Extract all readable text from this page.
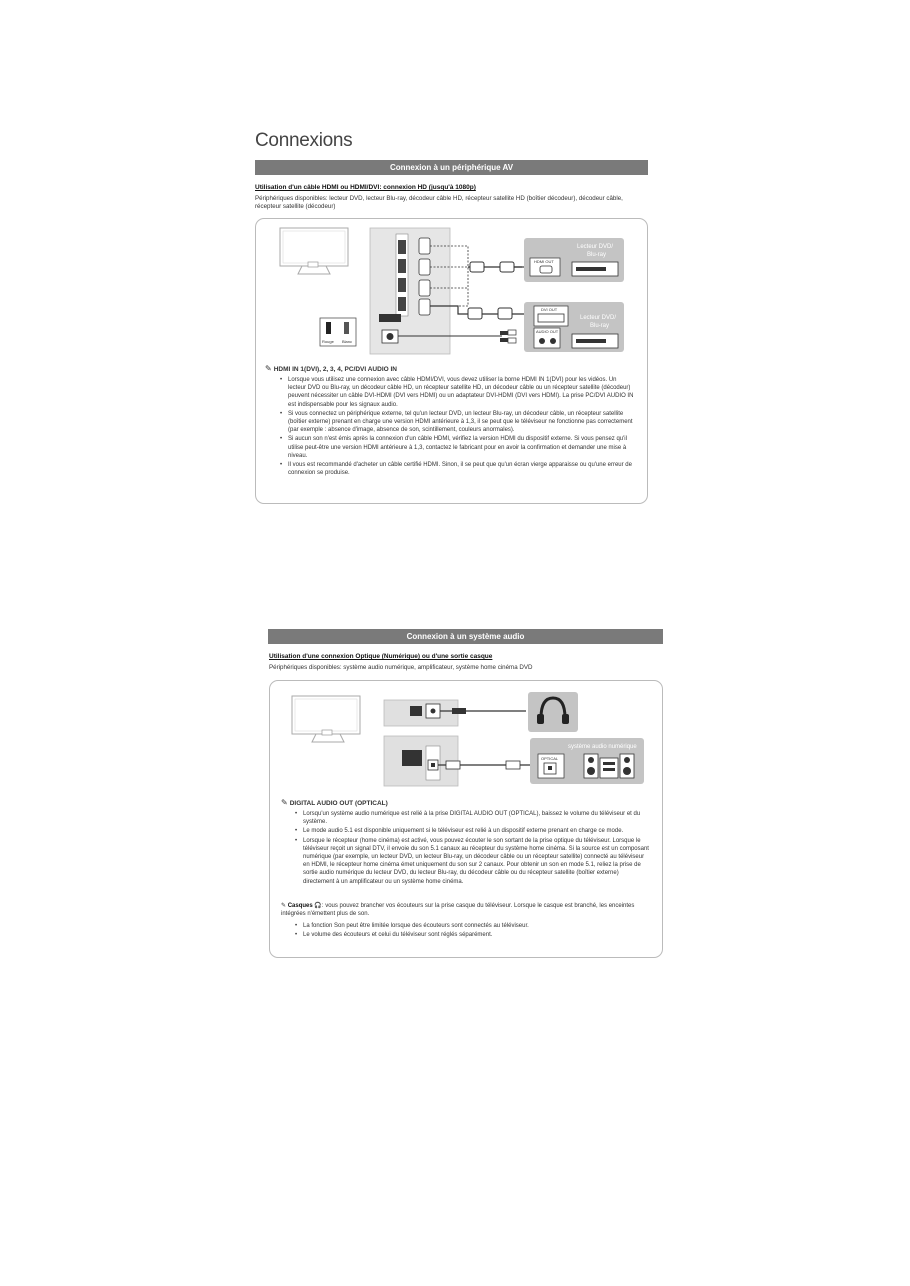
Connexions
Connexion à un périphérique AV
Utilisation d'un câble HDMI ou HDMI/DVI: connexion HD (jusqu'à 1080p)
Périphériques disponibles: lecteur DVD, lecteur Blu-ray, décodeur câble HD, récepteur satellite HD (boîtier décodeur), décodeur câble, récepteur satellite (décodeur)
Rouge Blanc
Lecteur DVD/
Blu-ray
HDMI OUT
Lecteur DVD/
Blu-ray
DVI OUT
AUDIO OUT
✎ HDMI IN 1(DVI), 2, 3, 4, PC/DVI AUDIO IN
• Lorsque vous utilisez une connexion avec câble HDMI/DVI, vous devez utiliser la borne HDMI IN 1(DVI) pour les vidéos. Un lecteur DVD ou Blu-ray, un décodeur câble HD, un récepteur satellite HD, un décodeur câble ou un récepteur satellite (décodeur) peuvent nécessiter un câble DVI-HDMI (DVI vers HDMI) ou un adaptateur DVI-HDMI (DVI vers HDMI). La prise PC/DVI AUDIO IN est indispensable pour les signaux audio.
• Si vous connectez un périphérique externe, tel qu'un lecteur DVD, un lecteur Blu-ray, un décodeur câble, un récepteur satellite (boîtier externe) prenant en charge une version HDMI antérieure à 1,3, il se peut que le téléviseur ne fonctionne pas correctement (par exemple : absence d'image, absence de son, scintillement, couleurs anormales).
• Si aucun son n'est émis après la connexion d'un câble HDMI, vérifiez la version HDMI du dispositif externe. Si vous pensez qu'il utilise peut-être une version HDMI antérieure à 1,3, contactez le fabricant pour en avoir la confirmation et demander une mise à niveau.
• Il vous est recommandé d'acheter un câble certifié HDMI. Sinon, il se peut que qu'un écran vierge apparaisse ou qu'une erreur de connexion se produise.
Connexion à un système audio
Utilisation d'une connexion Optique (Numérique) ou d'une sortie casque
Périphériques disponibles: système audio numérique, amplificateur, système home cinéma DVD
système audio numérique
OPTICAL
✎ DIGITAL AUDIO OUT (OPTICAL)
• Lorsqu'un système audio numérique est relié à la prise DIGITAL AUDIO OUT (OPTICAL), baissez le volume du téléviseur et du système.
• Le mode audio 5.1 est disponible uniquement si le téléviseur est relié à un dispositif externe prenant en charge ce mode.
• Lorsque le récepteur (home cinéma) est activé, vous pouvez écouter le son sortant de la prise optique du téléviseur. Lorsque le téléviseur reçoit un signal DTV, il envoie du son 5.1 canaux au récepteur du système home cinéma. Si la source est un composant numérique (par exemple, un lecteur DVD, un lecteur Blu-ray, un décodeur câble ou un récepteur satellite) connecté au téléviseur en HDMI, le récepteur home cinéma émet uniquement du son sur 2 canaux. Pour obtenir un son en mode 5.1, reliez la prise de sortie audio numérique du lecteur DVD, du lecteur Blu-ray, du décodeur câble ou du récepteur satellite (boîtier externe) directement à un amplificateur ou un système home cinéma.
✎ Casques 🎧: vous pouvez brancher vos écouteurs sur la prise casque du téléviseur. Lorsque le casque est branché, les enceintes intégrées n'émettent plus de son.
• La fonction Son peut être limitée lorsque des écouteurs sont connectés au téléviseur.
• Le volume des écouteurs et celui du téléviseur sont réglés séparément.
